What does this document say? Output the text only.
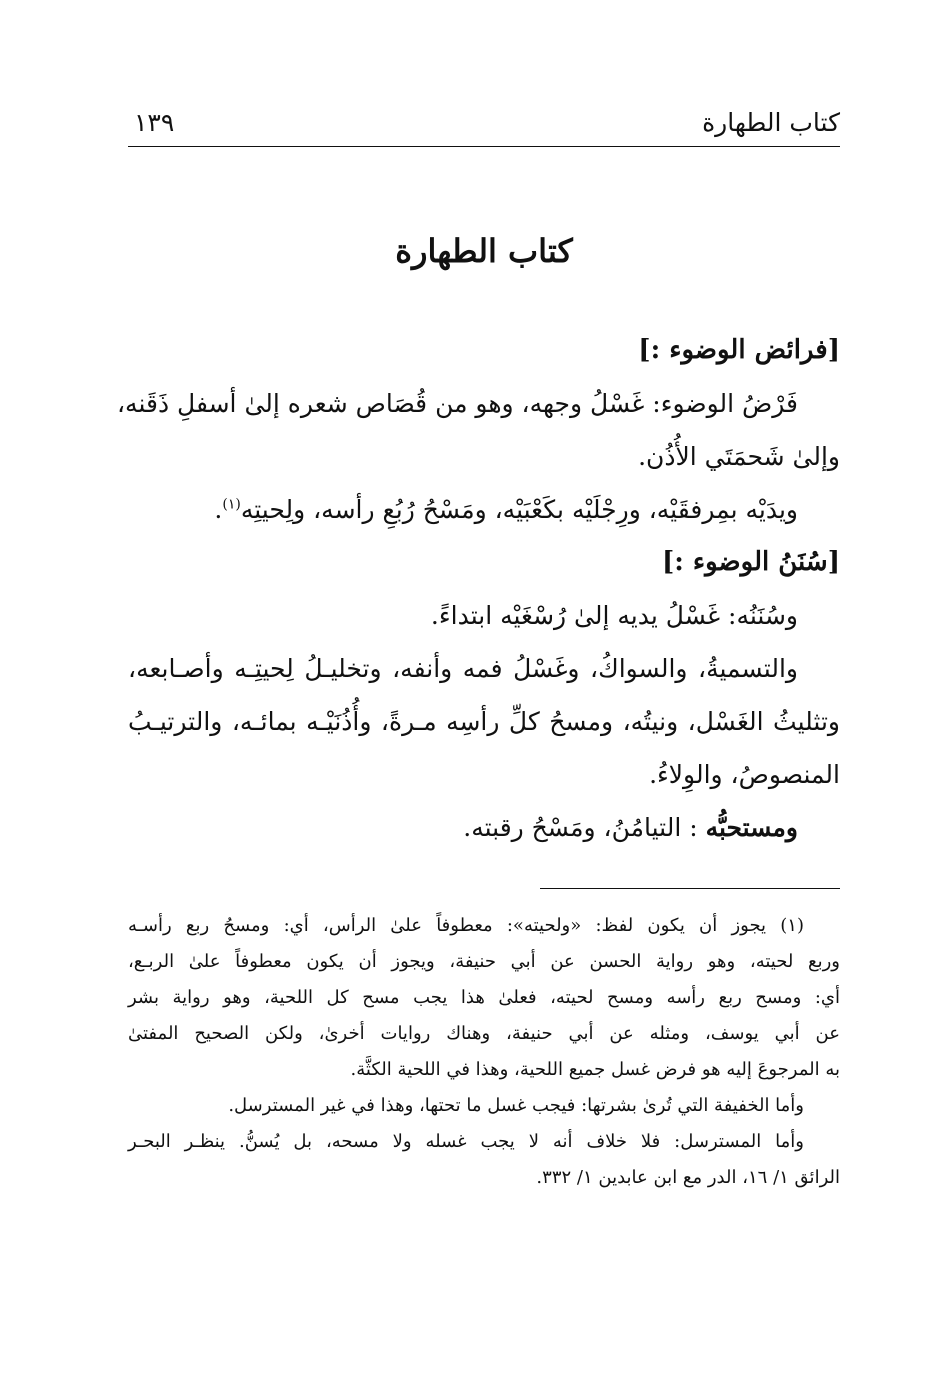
كتاب الطهارة
١٣٩
كتاب الطهارة
[فرائض الوضوء :]
فَرْضُ الوضوء: غَسْلُ وجهه، وهو من قُصَاص شعره إلىٰ أسفلِ ذَقَنه،
وإلىٰ شَحمَتَي الأُذُن.
ويدَيْه بمِرفقَيْه، ورِجْلَيْه بكَعْبَيْه، ومَسْحُ رُبُعِ رأسه، ولِحيتِه$^{(١)}$.
[سُنَنُ الوضوء :]
وسُنَنُه: غَسْلُ يديه إلىٰ رُسْغَيْه ابتداءً.
والتسميةُ، والسواكُ، وغَسْلُ فمه وأنفه، وتخليـلُ لِحيتِـه وأصـابعه،
وتثليثُ الغَسْل، ونيتُه، ومسحُ كلِّ رأسِه مـرةً، وأُذُنَيْـه بمائـه، والترتيـبُ
المنصوصُ، والوِلاءُ.
ومستحبُّه : التيامُنُ، ومَسْحُ رقبته.
(١) يجوز أن يكون لفظ: «ولحيته»: معطوفاً علىٰ الرأس، أي: ومسحُ ربع رأسـه
وربع لحيته، وهو رواية الحسن عن أبي حنيفة، ويجوز أن يكون معطوفاً علىٰ الربـع،
أي: ومسح ربع رأسه ومسح لحيته، فعلىٰ هذا يجب مسح كل اللحية، وهو رواية بشر
عن أبي يوسف، ومثله عن أبي حنيفة، وهناك روايات أخرىٰ، ولكن الصحيح المفتىٰ
به المرجوعَ إليه هو فرض غسل جميع اللحية، وهذا في اللحية الكثَّة.
وأما الخفيفة التي تُرىٰ بشرتها: فيجب غسل ما تحتها، وهذا في غير المسترسل.
وأما المسترسل: فلا خلاف أنه لا يجب غسله ولا مسحه، بل يُسنُّ. ينظـر البحـر
الرائق ١/ ١٦، الدر مع ابن عابدين ١/ ٣٣٢.
